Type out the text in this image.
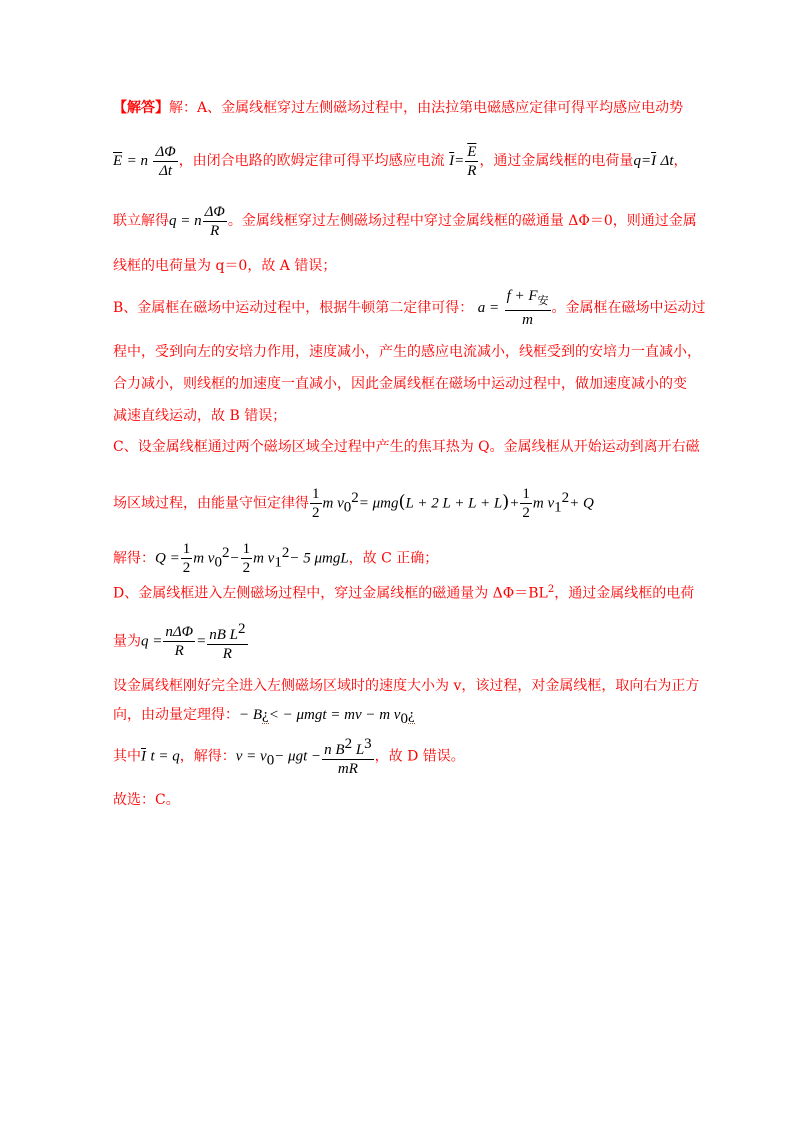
【解答】解：A、金属线框穿过左侧磁场过程中，由法拉第电磁感应定律可得平均感应电动势
$\overline{E} = n \frac{\Delta\Phi}{\Delta t}$ ，由闭合电路的欧姆定律可得平均感应电流 $\overline{I}= \frac{\overline{E}}{R}$ ，通过金属线框的电荷量$q=\overline{I}$ Δt，
联立解得q = n $\frac{\Delta\Phi}{R}$ 。金属线框穿过左侧磁场过程中穿过金属线框的磁通量 ΔΦ＝0，则通过金属
线框的电荷量为 q＝0，故 A 错误；
B、金属框在磁场中运动过程中，根据牛顿第二定律可得： $a = \frac{f + F_安}{m}$ 。金属框在磁场中运动过
程中，受到向左的安培力作用，速度减小，产生的感应电流减小，线框受到的安培力一直减小，
合力减小，则线框的加速度一直减小，因此金属线框在磁场中运动过程中，做加速度减小的变
减速直线运动，故 B 错误；
C、设金属线框通过两个磁场区域全过程中产生的焦耳热为 Q。金属线框从开始运动到离开右磁
场区域过程，由能量守恒定律得 $\frac{1}{2}$ m $v_0^2= \mu mg(L + 2$ $L + L + L)+ \frac{1}{2}$ m $v_1^2+ Q$
解得：$Q = \frac{1}{2}$ m $v_0^2- \frac{1}{2}$ m $v_1^2- 5$ μmgL，故 C 正确；
D、金属线框进入左侧磁场过程中，穿过金属线框的磁通量为 $\Delta\Phi=BL^2$，通过金属线框的电荷
量为$q = \frac{\text{nΔΦ}}{R} = \frac{nB L^2}{R}$
设金属线框刚好完全进入左侧磁场区域时的速度大小为 v，该过程，对金属线框，取向右为正方
向，由动量定理得：− B¿< − μmgt = mv − m $v_0¿$
其中$\overline{I}$ t = q，解得：$v = v_0- \mu gt - \frac{n B^2 L^3}{mR}$ ，故 D 错误。
故选：C。
